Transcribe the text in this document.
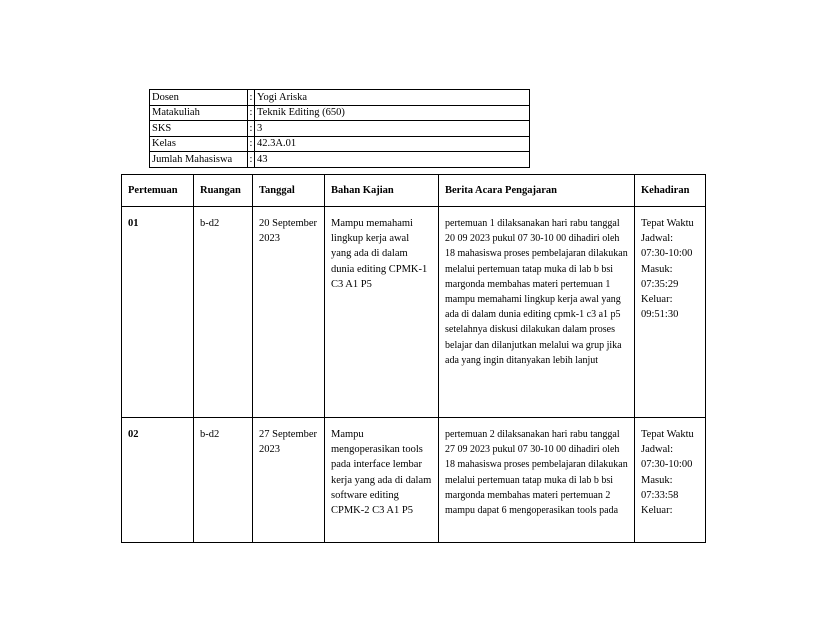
Dosen	:	Yogi Ariska
Matakuliah	:	Teknik Editing (650)
SKS	:	3
Kelas	:	42.3A.01
Jumlah Mahasiswa	:	43
Pertemuan	Ruangan	Tanggal	Bahan Kajian	Berita Acara Pengajaran	Kehadiran
01	b-d2	20 September 2023	Mampu memahami lingkup kerja awal yang ada di dalam dunia editing CPMK-1 C3 A1 P5	pertemuan 1 dilaksanakan hari rabu tanggal 20 09 2023 pukul 07 30-10 00 dihadiri oleh 18 mahasiswa proses pembelajaran dilakukan melalui pertemuan tatap muka di lab b bsi margonda membahas materi pertemuan 1 mampu memahami lingkup kerja awal yang ada di dalam dunia editing cpmk-1 c3 a1 p5 setelahnya diskusi dilakukan dalam proses belajar dan dilanjutkan melalui wa grup jika ada yang ingin ditanyakan lebih lanjut	Tepat Waktu Jadwal: 07:30-10:00 Masuk: 07:35:29 Keluar: 09:51:30
02	b-d2	27 September 2023	Mampu mengoperasikan tools pada interface lembar kerja yang ada di dalam software editing CPMK-2 C3 A1 P5	pertemuan 2 dilaksanakan hari rabu tanggal 27 09 2023 pukul 07 30-10 00 dihadiri oleh 18 mahasiswa proses pembelajaran dilakukan melalui pertemuan tatap muka di lab b bsi margonda membahas materi pertemuan 2 mampu dapat 6 mengoperasikan tools pada	Tepat Waktu Jadwal: 07:30-10:00 Masuk: 07:33:58 Keluar:
